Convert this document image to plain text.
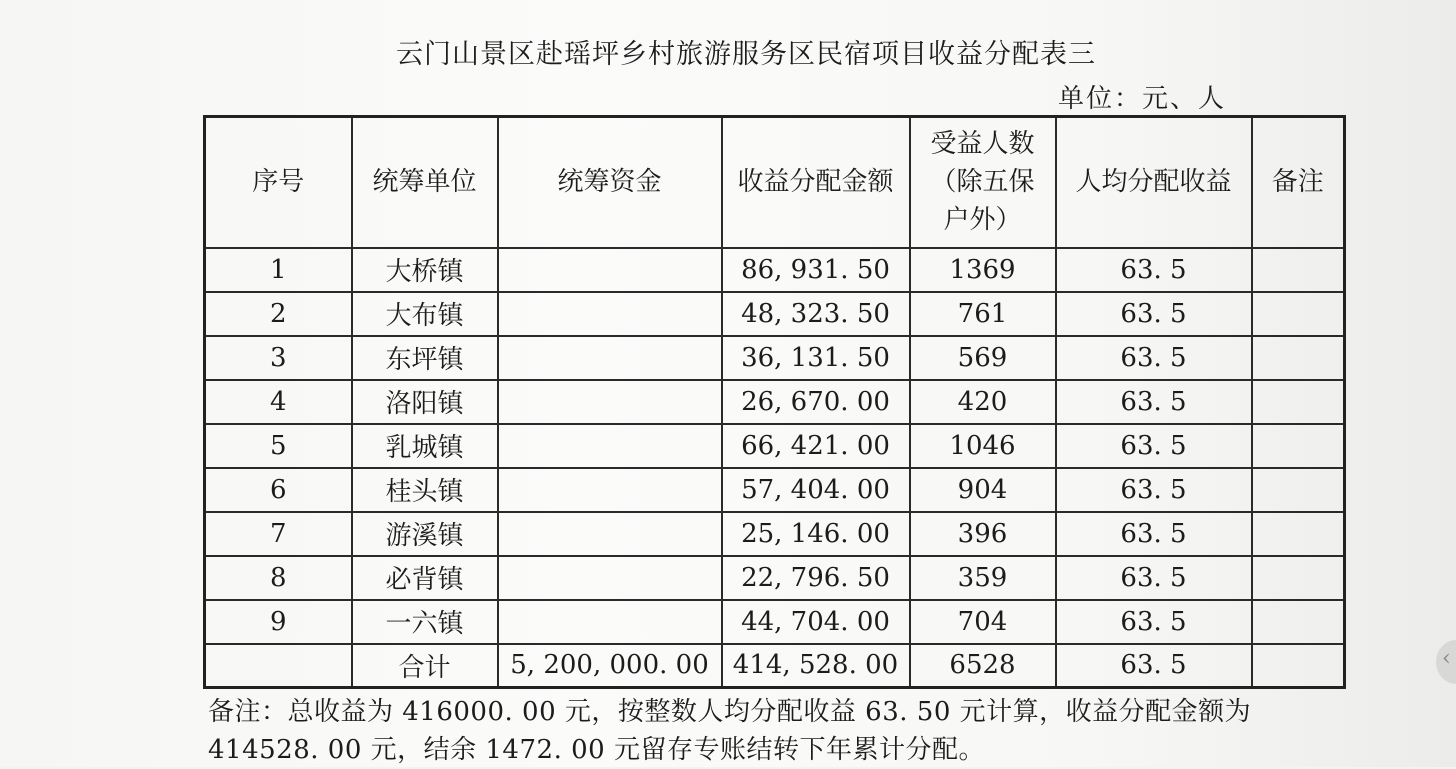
云门山景区赴瑶坪乡村旅游服务区民宿项目收益分配表三
单位：元、人
序号	统筹单位	统筹资金	收益分配金额	受益人数（除五保户外）	人均分配收益	备注
1	大桥镇		86, 931. 50	1369	63. 5	
2	大布镇		48, 323. 50	761	63. 5	
3	东坪镇		36, 131. 50	569	63. 5	
4	洛阳镇		26, 670. 00	420	63. 5	
5	乳城镇		66, 421. 00	1046	63. 5	
6	桂头镇		57, 404. 00	904	63. 5	
7	游溪镇		25, 146. 00	396	63. 5	
8	必背镇		22, 796. 50	359	63. 5	
9	一六镇		44, 704. 00	704	63. 5	
	合计	5, 200, 000. 00	414, 528. 00	6528	63. 5	
备注：总收益为 416000. 00 元，按整数人均分配收益 63. 50 元计算，收益分配金额为 414528. 00 元，结余 1472. 00 元留存专账结转下年累计分配。
‹
